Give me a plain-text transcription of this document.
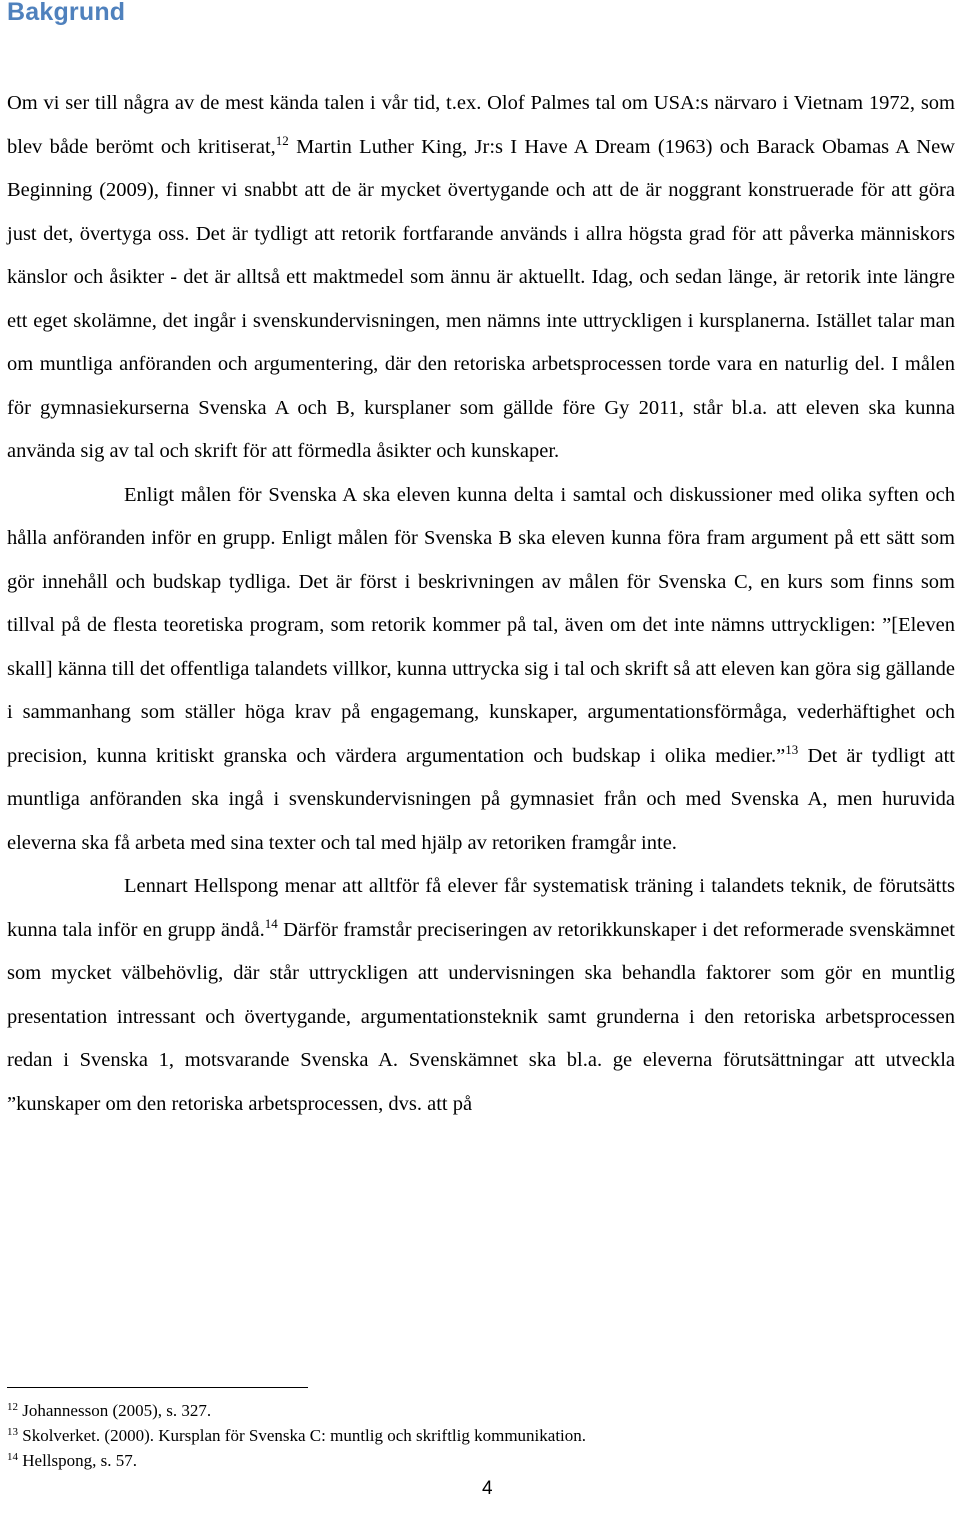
Bakgrund

Om vi ser till några av de mest kända talen i vår tid, t.ex. Olof Palmes tal om USA:s närvaro i Vietnam 1972, som blev både berömt och kritiserat,$^{12}$ Martin Luther King, Jr:s I Have A Dream (1963) och Barack Obamas A New Beginning (2009), finner vi snabbt att de är mycket övertygande och att de är noggrant konstruerade för att göra just det, övertyga oss. Det är tydligt att retorik fortfarande används i allra högsta grad för att påverka människors känslor och åsikter - det är alltså ett maktmedel som ännu är aktuellt. Idag, och sedan länge, är retorik inte längre ett eget skolämne, det ingår i svenskundervisningen, men nämns inte uttryckligen i kursplanerna. Istället talar man om muntliga anföranden och argumentering, där den retoriska arbetsprocessen torde vara en naturlig del. I målen för gymnasiekurserna Svenska A och B, kursplaner som gällde före Gy 2011, står bl.a. att eleven ska kunna använda sig av tal och skrift för att förmedla åsikter och kunskaper.

Enligt målen för Svenska A ska eleven kunna delta i samtal och diskussioner med olika syften och hålla anföranden inför en grupp. Enligt målen för Svenska B ska eleven kunna föra fram argument på ett sätt som gör innehåll och budskap tydliga. Det är först i beskrivningen av målen för Svenska C, en kurs som finns som tillval på de flesta teoretiska program, som retorik kommer på tal, även om det inte nämns uttryckligen: ”[Eleven skall] känna till det offentliga talandets villkor, kunna uttrycka sig i tal och skrift så att eleven kan göra sig gällande i sammanhang som ställer höga krav på engagemang, kunskaper, argumentationsförmåga, vederhäftighet och precision, kunna kritiskt granska och värdera argumentation och budskap i olika medier.”$^{13}$ Det är tydligt att muntliga anföranden ska ingå i svenskundervisningen på gymnasiet från och med Svenska A, men huruvida eleverna ska få arbeta med sina texter och tal med hjälp av retoriken framgår inte.

Lennart Hellspong menar att alltför få elever får systematisk träning i talandets teknik, de förutsätts kunna tala inför en grupp ändå.$^{14}$ Därför framstår preciseringen av retorikkunskaper i det reformerade svenskämnet som mycket välbehövlig, där står uttryckligen att undervisningen ska behandla faktorer som gör en muntlig presentation intressant och övertygande, argumentationsteknik samt grunderna i den retoriska arbetsprocessen redan i Svenska 1, motsvarande Svenska A. Svenskämnet ska bl.a. ge eleverna förutsättningar att utveckla ”kunskaper om den retoriska arbetsprocessen, dvs. att på

$^{12}$ Johannesson (2005), s. 327.
$^{13}$ Skolverket. (2000). Kursplan för Svenska C: muntlig och skriftlig kommunikation.
$^{14}$ Hellspong, s. 57.
4
